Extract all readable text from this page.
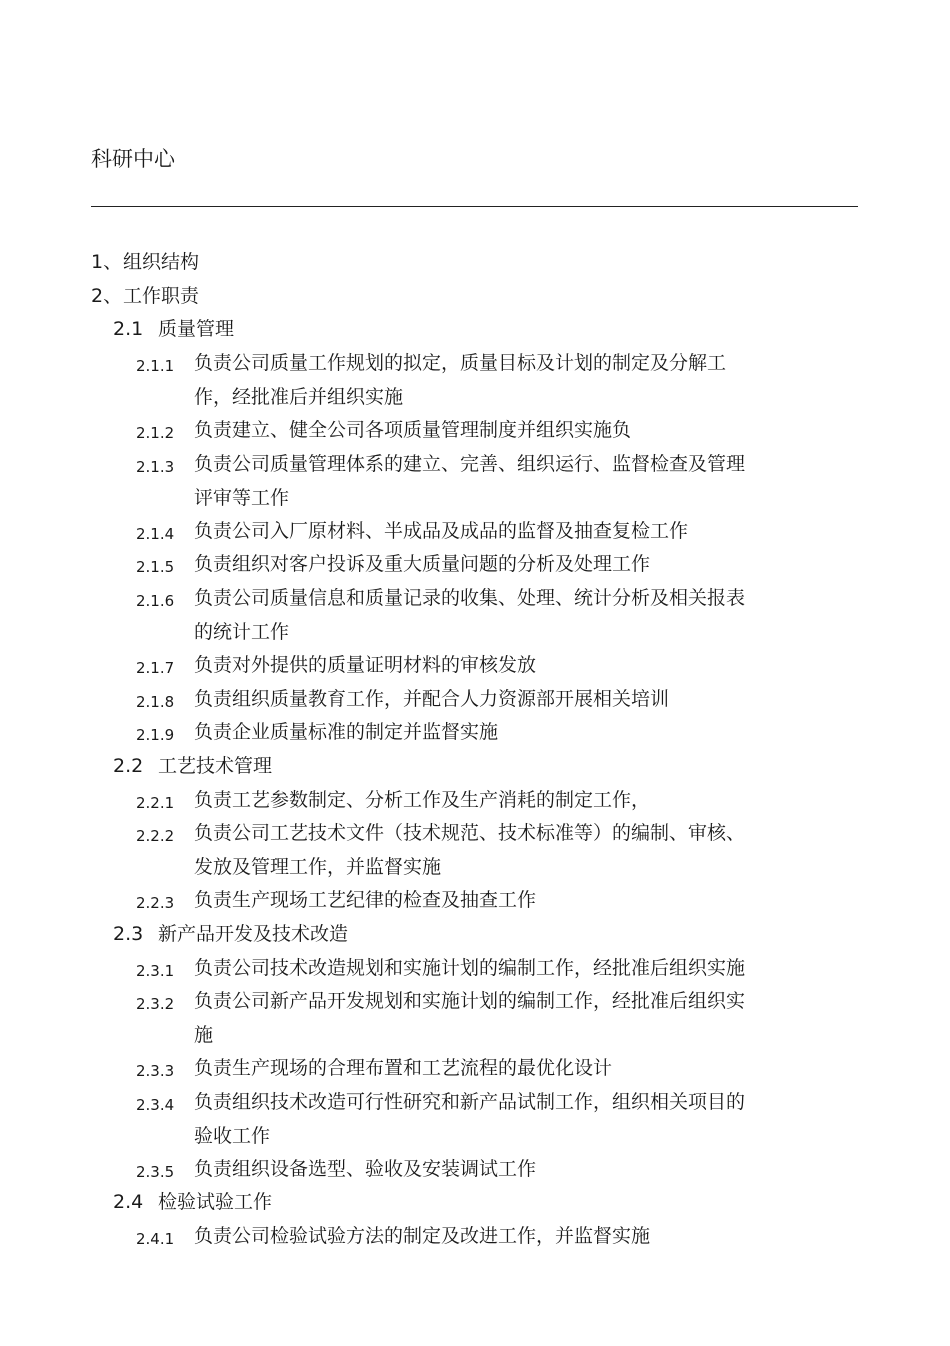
科研中心
1、组织结构
2、工作职责
2.1 质量管理
2.1.1	负责公司质量工作规划的拟定，质量目标及计划的制定及分解工
作，经批准后并组织实施
2.1.2	负责建立、健全公司各项质量管理制度并组织实施负
2.1.3	负责公司质量管理体系的建立、完善、组织运行、监督检查及管理
评审等工作
2.1.4	负责公司入厂原材料、半成品及成品的监督及抽查复检工作
2.1.5	负责组织对客户投诉及重大质量问题的分析及处理工作
2.1.6	负责公司质量信息和质量记录的收集、处理、统计分析及相关报表
的统计工作
2.1.7	负责对外提供的质量证明材料的审核发放
2.1.8	负责组织质量教育工作，并配合人力资源部开展相关培训
2.1.9	负责企业质量标准的制定并监督实施
2.2 工艺技术管理
2.2.1	负责工艺参数制定、分析工作及生产消耗的制定工作，
2.2.2	负责公司工艺技术文件（技术规范、技术标准等）的编制、审核、
发放及管理工作，并监督实施
2.2.3	负责生产现场工艺纪律的检查及抽查工作
2.3 新产品开发及技术改造
2.3.1	负责公司技术改造规划和实施计划的编制工作，经批准后组织实施
2.3.2	负责公司新产品开发规划和实施计划的编制工作，经批准后组织实
施
2.3.3	负责生产现场的合理布置和工艺流程的最优化设计
2.3.4	负责组织技术改造可行性研究和新产品试制工作，组织相关项目的
验收工作
2.3.5	负责组织设备选型、验收及安装调试工作
2.4 检验试验工作
2.4.1	负责公司检验试验方法的制定及改进工作，并监督实施
